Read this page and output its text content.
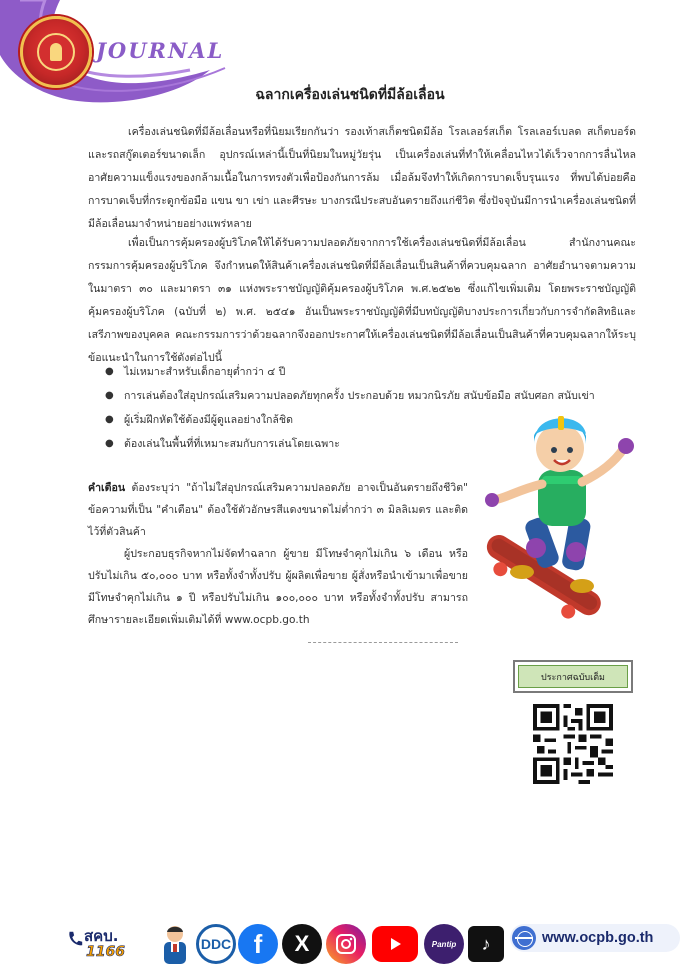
JOURNAL
ฉลากเครื่องเล่นชนิดที่มีล้อเลื่อน

เครื่องเล่นชนิดที่มีล้อเลื่อนหรือที่นิยมเรียกกันว่า รองเท้าสเก็ตชนิดมีล้อ โรลเลอร์สเก็ต โรลเลอร์เบลด สเก็ตบอร์ด และรถสกู๊ตเตอร์ขนาดเล็ก อุปกรณ์เหล่านี้เป็นที่นิยมในหมู่วัยรุ่น เป็นเครื่องเล่นที่ทำให้เคลื่อนไหวได้เร็วจากการลื่นไหล อาศัยความแข็งแรงของกล้ามเนื้อในการทรงตัวเพื่อป้องกันการล้ม เมื่อล้มจึงทำให้เกิดการบาดเจ็บรุนแรง ที่พบได้บ่อยคือการบาดเจ็บที่กระดูกข้อมือ แขน ขา เข่า และศีรษะ บางกรณีประสบอันตรายถึงแก่ชีวิต ซึ่งปัจจุบันมีการนำเครื่องเล่นชนิดที่มีล้อเลื่อนมาจำหน่ายอย่างแพร่หลาย

เพื่อเป็นการคุ้มครองผู้บริโภคให้ได้รับความปลอดภัยจากการใช้เครื่องเล่นชนิดที่มีล้อเลื่อน สำนักงานคณะกรรมการคุ้มครองผู้บริโภค จึงกำหนดให้สินค้าเครื่องเล่นชนิดที่มีล้อเลื่อนเป็นสินค้าที่ควบคุมฉลาก อาศัยอำนาจตามความในมาตรา ๓๐ และมาตรา ๓๑ แห่งพระราชบัญญัติคุ้มครองผู้บริโภค พ.ศ.๒๕๒๒ ซึ่งแก้ไขเพิ่มเติม โดยพระราชบัญญัติคุ้มครองผู้บริโภค (ฉบับที่ ๒) พ.ศ. ๒๕๔๑ อันเป็นพระราชบัญญัติที่มีบทบัญญัติบางประการเกี่ยวกับการจำกัดสิทธิและเสรีภาพของบุคคล คณะกรรมการว่าด้วยฉลากจึงออกประกาศให้เครื่องเล่นชนิดที่มีล้อเลื่อนเป็นสินค้าที่ควบคุมฉลากให้ระบุข้อแนะนำในการใช้ดังต่อไปนี้

● ไม่เหมาะสำหรับเด็กอายุต่ำกว่า ๔ ปี
● การเล่นต้องใส่อุปกรณ์เสริมความปลอดภัยทุกครั้ง ประกอบด้วย หมวกนิรภัย สนับข้อมือ สนับศอก สนับเข่า
● ผู้เริ่มฝึกหัดใช้ต้องมีผู้ดูแลอย่างใกล้ชิด
● ต้องเล่นในพื้นที่ที่เหมาะสมกับการเล่นโดยเฉพาะ

คำเตือน ต้องระบุว่า "ถ้าไม่ใส่อุปกรณ์เสริมความปลอดภัย อาจเป็นอันตรายถึงชีวิต" ข้อความที่เป็น "คำเตือน" ต้องใช้ตัวอักษรสีแดงขนาดไม่ต่ำกว่า ๓ มิลลิเมตร และติดไว้ที่ตัวสินค้า

ผู้ประกอบธุรกิจหากไม่จัดทำฉลาก ผู้ขาย มีโทษจำคุกไม่เกิน ๖ เดือน หรือปรับไม่เกิน ๕๐,๐๐๐ บาท หรือทั้งจำทั้งปรับ ผู้ผลิตเพื่อขาย ผู้สั่งหรือนำเข้ามาเพื่อขาย มีโทษจำคุกไม่เกิน ๑ ปี หรือปรับไม่เกิน ๑๐๐,๐๐๐ บาท หรือทั้งจำทั้งปรับ สามารถศึกษารายละเอียดเพิ่มเติมได้ที่ www.ocpb.go.th

ประกาศฉบับเต็ม
สคบ.
1166	DDC f	X	Pantip	♪	www.ocpb.go.th
